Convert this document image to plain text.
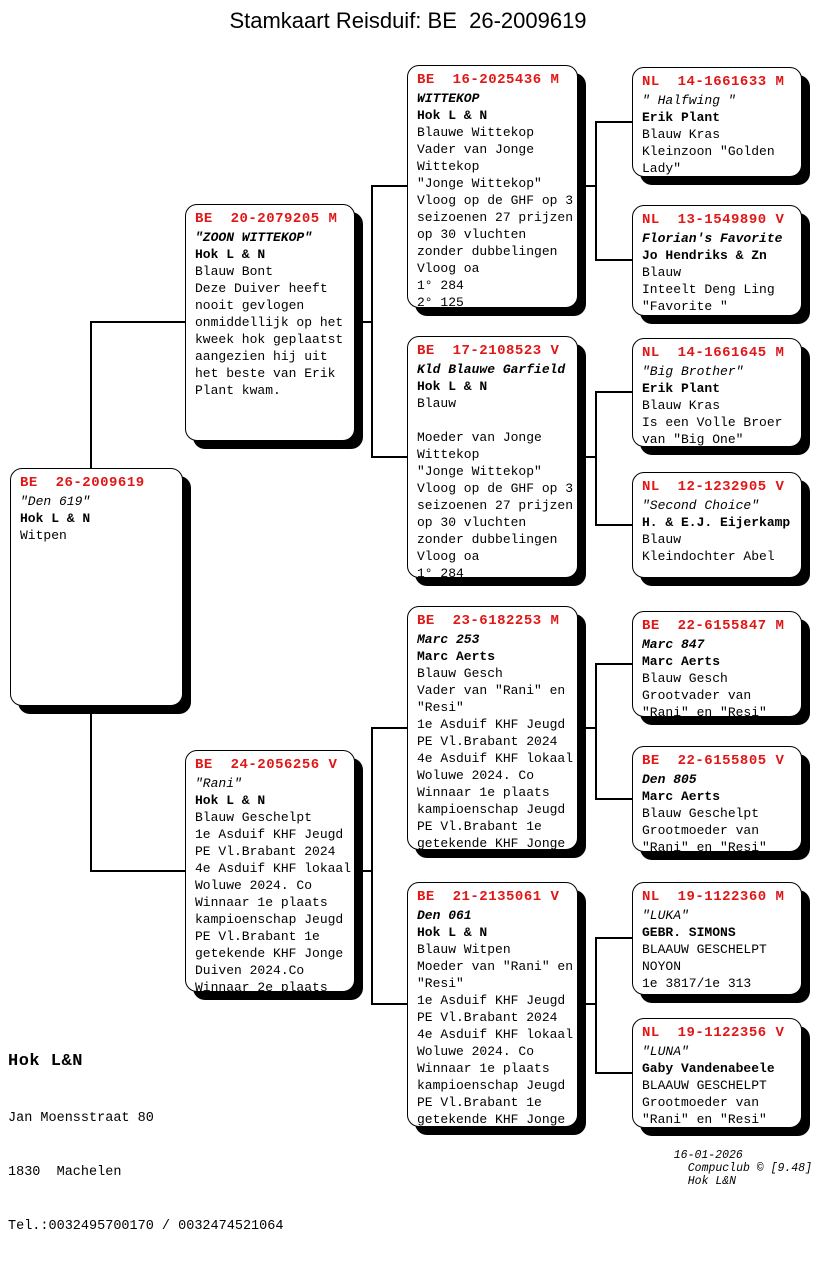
Stamkaart Reisduif: BE  26-2009619
BE  26-2009619
"Den 619"
Hok L & N
Witpen
BE  20-2079205 M
"ZOON WITTEKOP"
Hok L & N
Blauw Bont
Deze Duiver heeft
nooit gevlogen
onmiddellijk op het
kweek hok geplaatst
aangezien hij uit
het beste van Erik
Plant kwam.
BE  24-2056256 V
"Rani"
Hok L & N
Blauw Geschelpt
1e Asduif KHF Jeugd
PE Vl.Brabant 2024
4e Asduif KHF lokaal
Woluwe 2024. Co
Winnaar 1e plaats
kampioenschap Jeugd
PE Vl.Brabant 1e
getekende KHF Jonge
Duiven 2024.Co
Winnaar 2e plaats
BE  16-2025436 M
WITTEKOP
Hok L & N
Blauwe Wittekop
Vader van Jonge
Wittekop
"Jonge Wittekop"
Vloog op de GHF op 3
seizoenen 27 prijzen
op 30 vluchten
zonder dubbelingen
Vloog oa
1° 284
2° 125
BE  17-2108523 V
Kld Blauwe Garfield
Hok L & N
Blauw
Moeder van Jonge
Wittekop
"Jonge Wittekop"
Vloog op de GHF op 3
seizoenen 27 prijzen
op 30 vluchten
zonder dubbelingen
Vloog oa
1° 284
BE  23-6182253 M
Marc 253
Marc Aerts
Blauw Gesch
Vader van "Rani" en
"Resi"
1e Asduif KHF Jeugd
PE Vl.Brabant 2024
4e Asduif KHF lokaal
Woluwe 2024. Co
Winnaar 1e plaats
kampioenschap Jeugd
PE Vl.Brabant 1e
getekende KHF Jonge
BE  21-2135061 V
Den 061
Hok L & N
Blauw Witpen
Moeder van "Rani" en
"Resi"
1e Asduif KHF Jeugd
PE Vl.Brabant 2024
4e Asduif KHF lokaal
Woluwe 2024. Co
Winnaar 1e plaats
kampioenschap Jeugd
PE Vl.Brabant 1e
getekende KHF Jonge
NL  14-1661633 M
" Halfwing "
Erik Plant
Blauw Kras
Kleinzoon "Golden
Lady"
NL  13-1549890 V
Florian's Favorite
Jo Hendriks & Zn
Blauw
Inteelt Deng Ling
"Favorite "
NL  14-1661645 M
"Big Brother"
Erik Plant
Blauw Kras
Is een Volle Broer
van "Big One"
NL  12-1232905 V
"Second Choice"
H. & E.J. Eijerkamp
Blauw
Kleindochter Abel
BE  22-6155847 M
Marc 847
Marc Aerts
Blauw Gesch
Grootvader van
"Rani" en "Resi"
BE  22-6155805 V
Den 805
Marc Aerts
Blauw Geschelpt
Grootmoeder van
"Rani" en "Resi"
NL  19-1122360 M
"LUKA"
GEBR. SIMONS
BLAAUW GESCHELPT
NOYON
1e 3817/1e 313
NL  19-1122356 V
"LUNA"
Gaby Vandenabeele
BLAAUW GESCHELPT
Grootmoeder van
"Rani" en "Resi"

Hok L&N

Jan Moensstraat 80

1830  Machelen

Tel.:0032495700170 / 0032474521064

16-01-2026
Compuclub © [9.48]
Hok L&N
